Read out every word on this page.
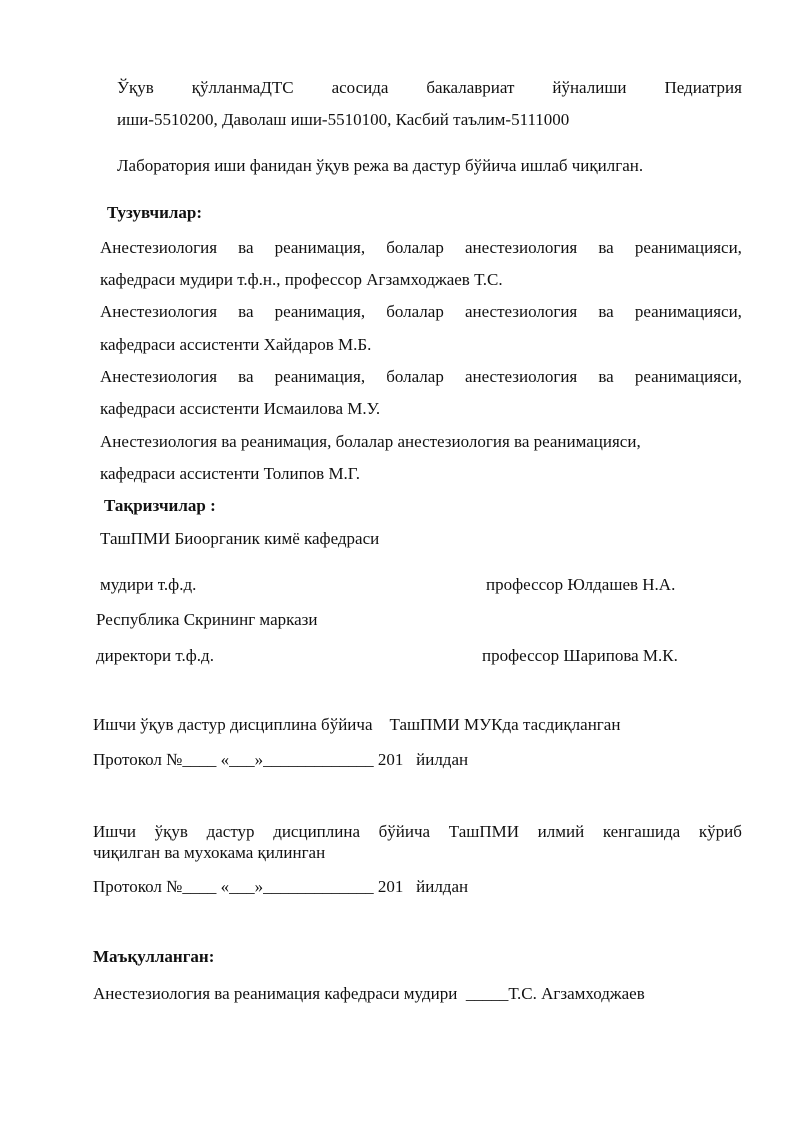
Ўқув қўлланмаДТС асосида бакалавриат йўналиши Педиатрия
иши-5510200, Даволаш иши-5510100, Касбий таълим-5111000
Лаборатория иши фанидан ўқув режа ва дастур бўйича ишлаб чиқилган.
Тузувчилар:
Анестезиология ва реанимация, болалар анестезиология ва реанимацияси,
кафедраси мудири т.ф.н., профессор Агзамходжаев Т.С.
Анестезиология ва реанимация, болалар анестезиология ва реанимацияси,
кафедраси ассистенти Хайдаров М.Б.
Анестезиология ва реанимация, болалар анестезиология ва реанимацияси,
кафедраси ассистенти Исмаилова М.У.
Анестезиология ва реанимация, болалар анестезиология ва реанимацияси,
кафедраси ассистенти Толипов М.Г.
Тақризчилар :
ТашПМИ Биоорганик кимё кафедраси
мудири т.ф.д.	профессор Юлдашев Н.А.
Республика Скрининг маркази
директори т.ф.д.	профессор Шарипова М.К.
Ишчи ўқув дастур дисциплина бўйича    ТашПМИ МУКда тасдиқланган
Протокол №____ «___»_____________ 201   йилдан
Ишчи ўқув дастур дисциплина бўйича ТашПМИ илмий кенгашида кўриб
чиқилган ва мухокама қилинган
Протокол №____ «___»_____________ 201   йилдан
Маъқулланган:
Анестезиология ва реанимация кафедраси мудири  _____Т.С. Агзамходжаев
